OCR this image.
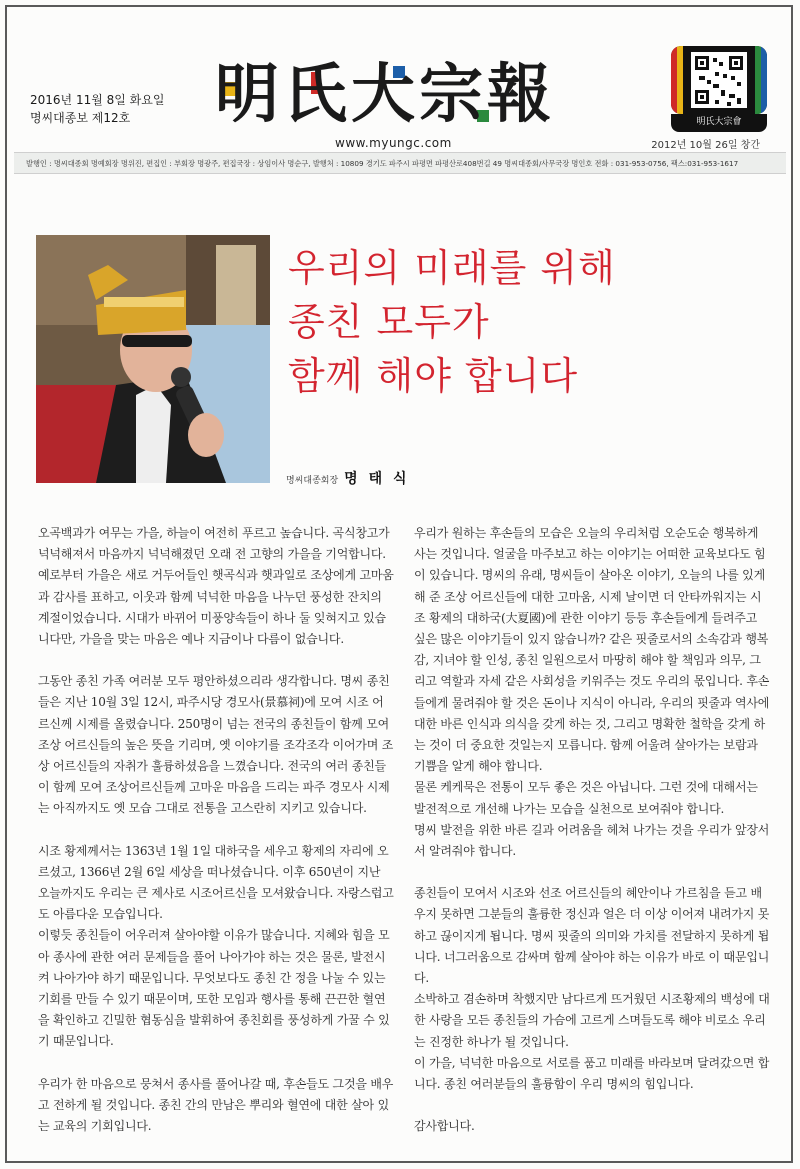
2016년 11월 8일 화요일
명씨대종보 제12호	明氏大宗報
www.myungc.com
明氏大宗會
2012년 10월 26일 창간
발행인 : 명씨대종회 명예회장 명위진, 편집인 : 부회장 명광주, 편집국장 : 상임이사 명순구, 발행처 : 10809 경기도 파주시 파평면 파평산로408번길 49 명씨대종회/사무국장 명인호 전화 : 031-953-0756, 팩스:031-953-1617
우리의 미래를 위해
종친 모두가
함께 해야 합니다
명씨대종회장 명 태 식

오곡백과가 여무는 가을, 하늘이 여전히 푸르고 높습니다. 곡식창고가 넉넉해져서 마음까지 넉넉해졌던 오래 전 고향의 가을을 기억합니다. 예로부터 가을은 새로 거두어들인 햇곡식과 햇과일로 조상에게 고마움과 감사를 표하고, 이웃과 함께 넉넉한 마음을 나누던 풍성한 잔치의 계절이었습니다. 시대가 바뀌어 미풍양속들이 하나 둘 잊혀지고 있습니다만, 가을을 맞는 마음은 예나 지금이나 다름이 없습니다.

그동안 종친 가족 여러분 모두 평안하셨으리라 생각합니다. 명씨 종친들은 지난 10월 3일 12시, 파주시당 경모사(景慕祠)에 모여 시조 어르신께 시제를 올렸습니다. 250명이 넘는 전국의 종친들이 함께 모여 조상 어르신들의 높은 뜻을 기리며, 옛 이야기를 조각조각 이어가며 조상 어르신들의 자취가 훌륭하셨음을 느꼈습니다. 전국의 여러 종친들이 함께 모여 조상어르신들께 고마운 마음을 드리는 파주 경모사 시제는 아직까지도 옛 모습 그대로 전통을 고스란히 지키고 있습니다.

시조 황제께서는 1363년 1월 1일 대하국을 세우고 황제의 자리에 오르셨고, 1366년 2월 6일 세상을 떠나셨습니다. 이후 650년이 지난 오늘까지도 우리는 큰 제사로 시조어르신을 모셔왔습니다. 자랑스럽고도 아름다운 모습입니다.

이렇듯 종친들이 어우러져 살아야할 이유가 많습니다. 지혜와 힘을 모아 종사에 관한 여러 문제들을 풀어 나아가야 하는 것은 물론, 발전시켜 나아가야 하기 때문입니다. 무엇보다도 종친 간 정을 나눌 수 있는 기회를 만들 수 있기 때문이며, 또한 모임과 행사를 통해 끈끈한 혈연을 확인하고 긴밀한 협동심을 발휘하여 종친회를 풍성하게 가꿀 수 있기 때문입니다.

우리가 한 마음으로 뭉쳐서 종사를 풀어나갈 때, 후손들도 그것을 배우고 전하게 될 것입니다. 종친 간의 만남은 뿌리와 혈연에 대한 살아 있는 교육의 기회입니다.

우리가 원하는 후손들의 모습은 오늘의 우리처럼 오순도순 행복하게 사는 것입니다. 얼굴을 마주보고 하는 이야기는 어떠한 교육보다도 힘이 있습니다. 명씨의 유래, 명씨들이 살아온 이야기, 오늘의 나를 있게 해 준 조상 어르신들에 대한 고마움, 시제 날이면 더 안타까워지는 시조 황제의 대하국(大夏國)에 관한 이야기 등등 후손들에게 들려주고 싶은 많은 이야기들이 있지 않습니까? 같은 핏줄로서의 소속감과 행복감, 지녀야 할 인성, 종친 일원으로서 마땅히 해야 할 책임과 의무, 그리고 역할과 자세 같은 사회성을 키워주는 것도 우리의 몫입니다. 후손들에게 물려줘야 할 것은 돈이나 지식이 아니라, 우리의 핏줄과 역사에 대한 바른 인식과 의식을 갖게 하는 것, 그리고 명확한 철학을 갖게 하는 것이 더 중요한 것일는지 모릅니다. 함께 어울려 살아가는 보람과 기쁨을 알게 해야 합니다.

물론 케케묵은 전통이 모두 좋은 것은 아닙니다. 그런 것에 대해서는 발전적으로 개선해 나가는 모습을 실천으로 보여줘야 합니다.

명씨 발전을 위한 바른 길과 어려움을 헤쳐 나가는 것을 우리가 앞장서서 알려줘야 합니다.

종친들이 모여서 시조와 선조 어르신들의 혜안이나 가르침을 듣고 배우지 못하면 그분들의 훌륭한 정신과 얼은 더 이상 이어져 내려가지 못하고 끊이지게 됩니다. 명씨 핏줄의 의미와 가치를 전달하지 못하게 됩니다. 너그러움으로 감싸며 함께 살아야 하는 이유가 바로 이 때문입니다.

소박하고 겸손하며 착했지만 남다르게 뜨거웠던 시조황제의 백성에 대한 사랑을 모든 종친들의 가슴에 고르게 스며들도록 해야 비로소 우리는 진정한 하나가 될 것입니다.

이 가을, 넉넉한 마음으로 서로를 품고 미래를 바라보며 달려갔으면 합니다. 종친 여러분들의 훌륭함이 우리 명씨의 힘입니다.

감사합니다.
